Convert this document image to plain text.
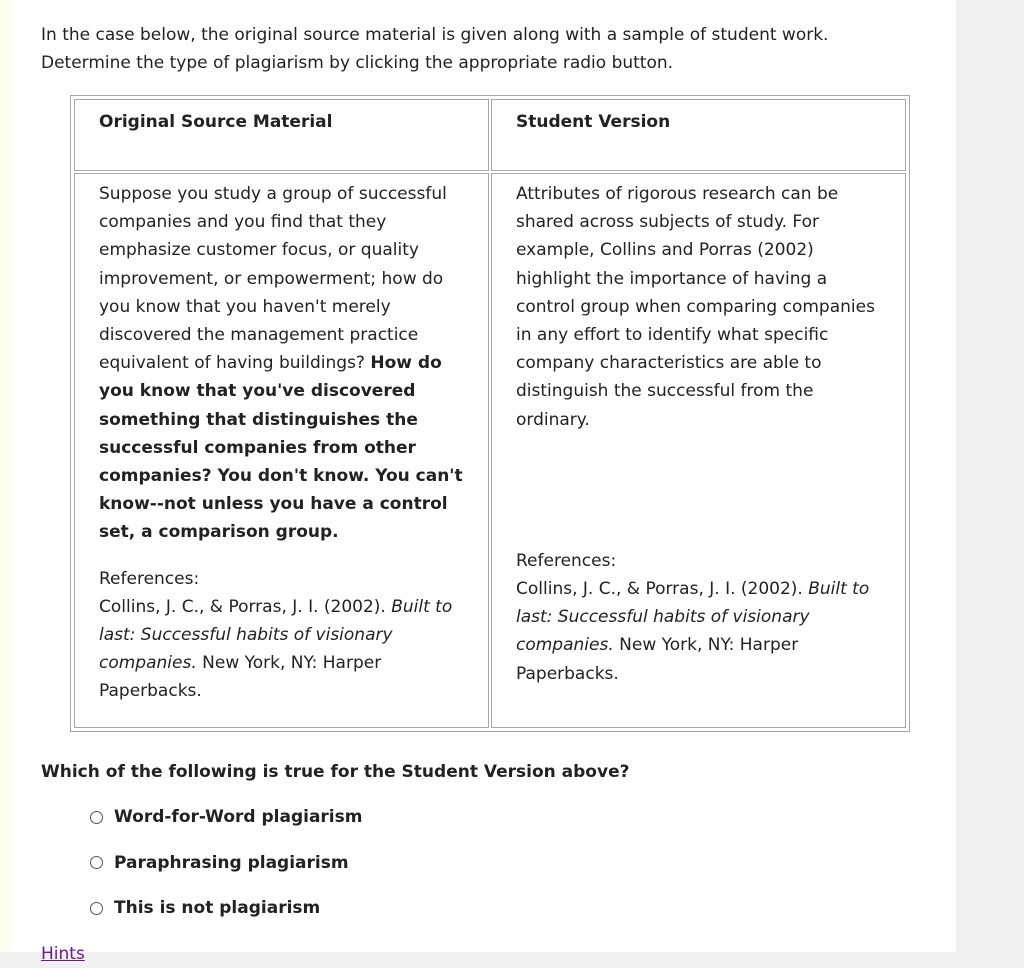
In the case below, the original source material is given along with a sample of student work.
Determine the type of plagiarism by clicking the appropriate radio button.
Original Source Material	Student Version
Suppose you study a group of successful companies and you find that they emphasize customer focus, or quality improvement, or empowerment; how do you know that you haven't merely discovered the management practice equivalent of having buildings? How do you know that you've discovered something that distinguishes the successful companies from other companies? You don't know. You can't know--not unless you have a control set, a comparison group.
References:
Collins, J. C., & Porras, J. I. (2002). Built to last: Successful habits of visionary companies. New York, NY: Harper Paperbacks.
Attributes of rigorous research can be shared across subjects of study. For example, Collins and Porras (2002) highlight the importance of having a control group when comparing companies in any effort to identify what specific company characteristics are able to distinguish the successful from the ordinary.
References:
Collins, J. C., & Porras, J. I. (2002). Built to last: Successful habits of visionary companies. New York, NY: Harper Paperbacks.
Which of the following is true for the Student Version above?
Word-for-Word plagiarism
Paraphrasing plagiarism
This is not plagiarism
Hints
